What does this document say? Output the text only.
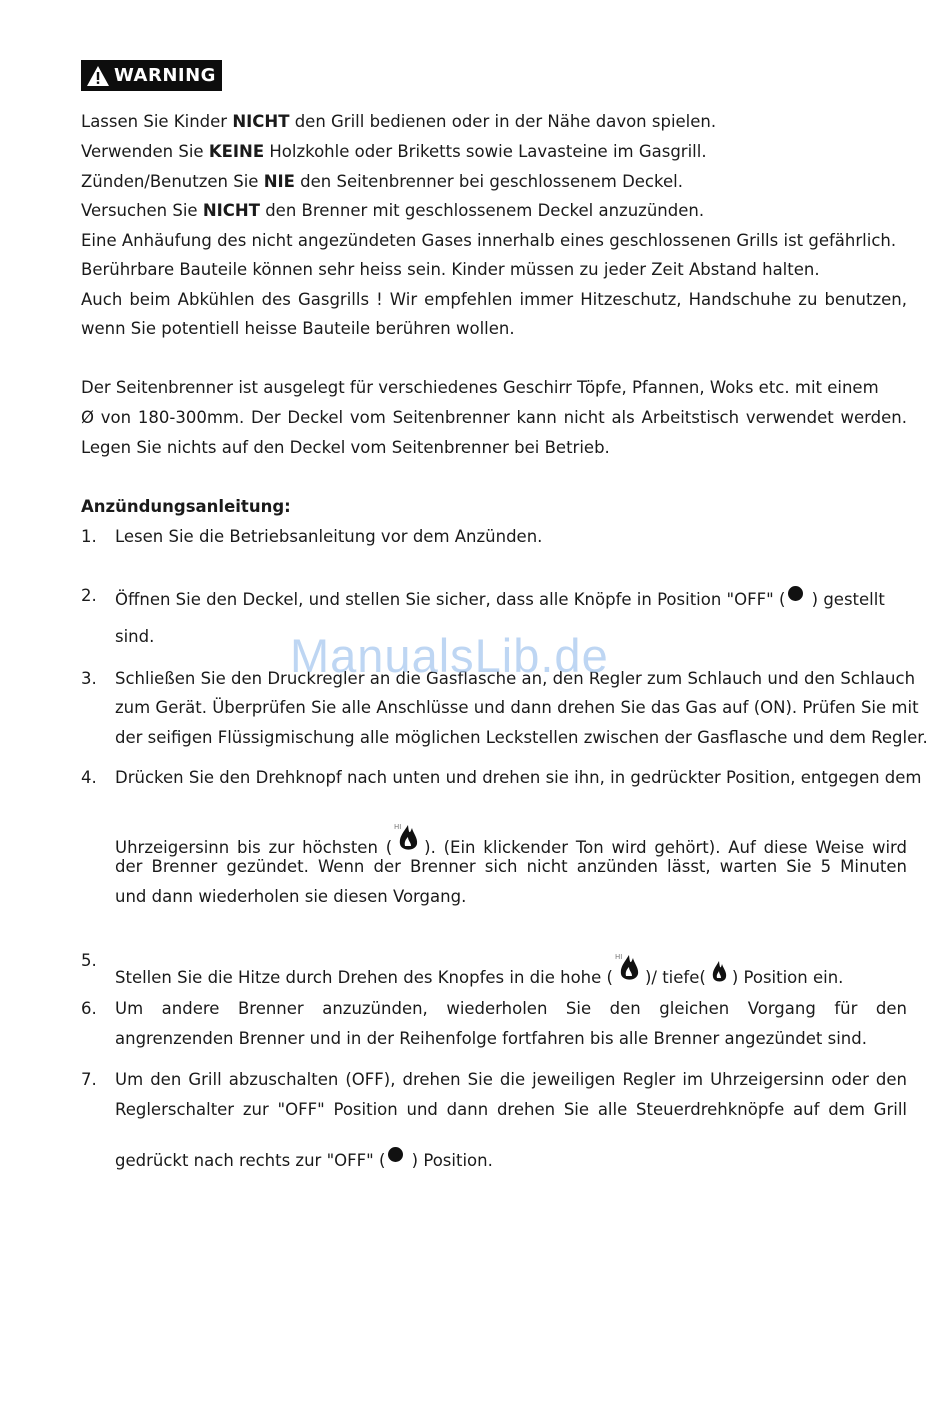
WARNING
Lassen Sie Kinder NICHT den Grill bedienen oder in der Nähe davon spielen.
Verwenden Sie KEINE Holzkohle oder Briketts sowie Lavasteine im Gasgrill.
Zünden/Benutzen Sie NIE den Seitenbrenner bei geschlossenem Deckel.
Versuchen Sie NICHT den Brenner mit geschlossenem Deckel anzuzünden.
Eine Anhäufung des nicht angezündeten Gases innerhalb eines geschlossenen Grills ist gefährlich.
Berührbare Bauteile können sehr heiss sein. Kinder müssen zu jeder Zeit Abstand halten.
Auch beim Abkühlen des Gasgrills ! Wir empfehlen immer Hitzeschutz, Handschuhe zu benutzen,
wenn Sie potentiell heisse Bauteile berühren wollen.
Der Seitenbrenner ist ausgelegt für verschiedenes Geschirr Töpfe, Pfannen, Woks etc. mit einem
Ø von 180-300mm. Der Deckel vom Seitenbrenner kann nicht als Arbeitstisch verwendet werden.
Legen Sie nichts auf den Deckel vom Seitenbrenner bei Betrieb.
Anzündungsanleitung:
1. Lesen Sie die Betriebsanleitung vor dem Anzünden.
2. Öffnen Sie den Deckel, und stellen Sie sicher, dass alle Knöpfe in Position "OFF" ( ) gestellt
sind.
3. Schließen Sie den Druckregler an die Gasflasche an, den Regler zum Schlauch und den Schlauch
zum Gerät. Überprüfen Sie alle Anschlüsse und dann drehen Sie das Gas auf (ON). Prüfen Sie mit
der seifigen Flüssigmischung alle möglichen Leckstellen zwischen der Gasflasche und dem Regler.
4. Drücken Sie den Drehknopf nach unten und drehen sie ihn, in gedrückter Position, entgegen dem
Uhrzeigersinn bis zur höchsten (
HI
). (Ein klickender Ton wird gehört). Auf diese Weise wird
der Brenner gezündet. Wenn der Brenner sich nicht anzünden lässt, warten Sie 5 Minuten
und dann wiederholen sie diesen Vorgang.
5.
Stellen Sie die Hitze durch Drehen des Knopfes in die hohe (
HI
)/ tiefe( ) Position ein.
6. Um andere Brenner anzuzünden, wiederholen Sie den gleichen Vorgang für den
angrenzenden Brenner und in der Reihenfolge fortfahren bis alle Brenner angezündet sind.
7. Um den Grill abzuschalten (OFF), drehen Sie die jeweiligen Regler im Uhrzeigersinn oder den
Reglerschalter zur "OFF" Position und dann drehen Sie alle Steuerdrehknöpfe auf dem Grill
gedrückt nach rechts zur "OFF" ( ) Position.
ManualsLib.de
